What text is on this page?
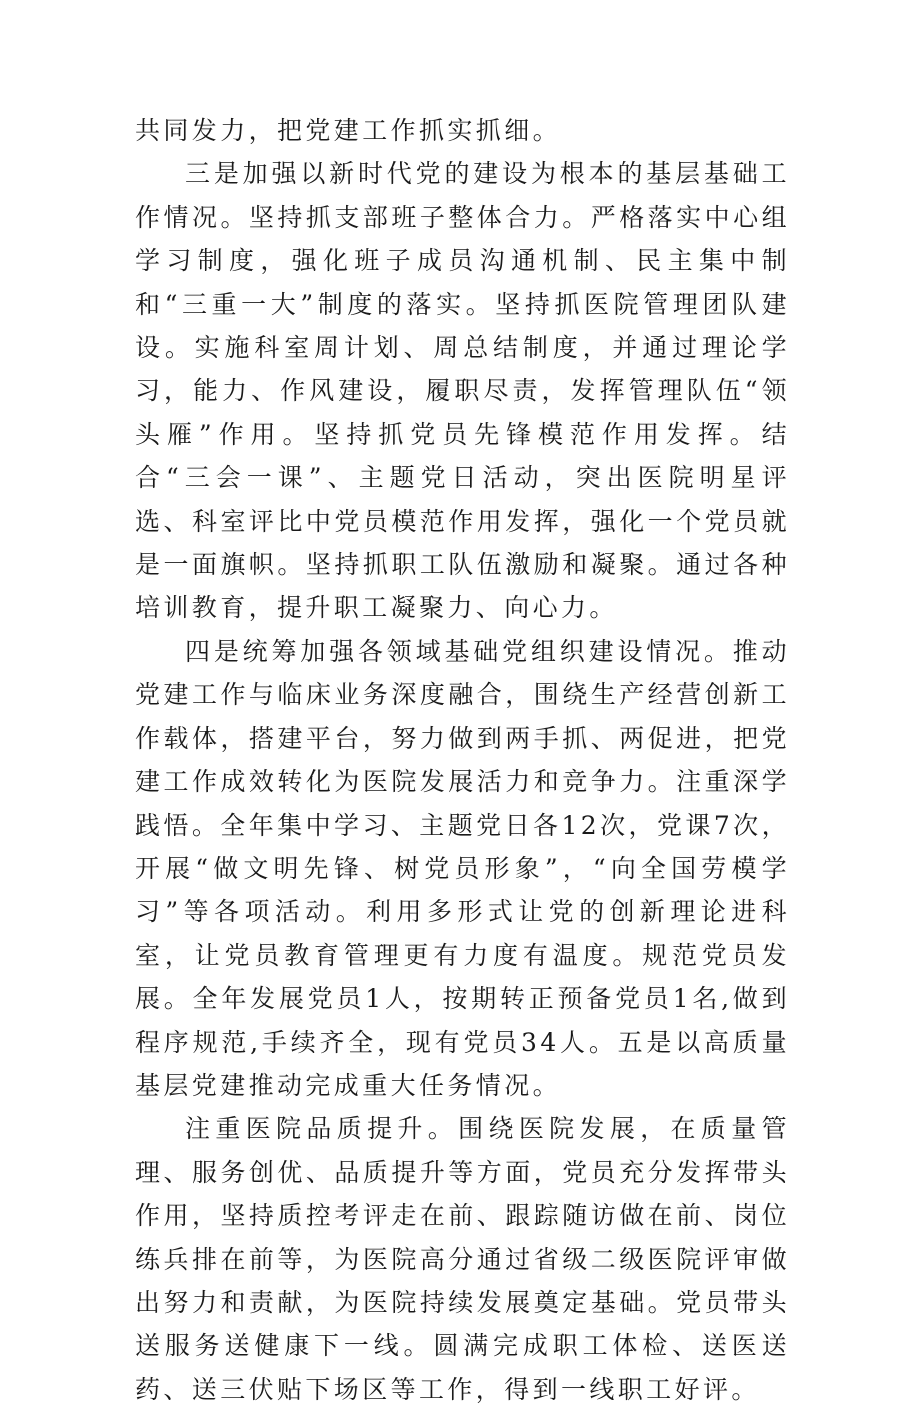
共同发力，把党建工作抓实抓细。

三是加强以新时代党的建设为根本的基层基础工作情况。坚持抓支部班子整体合力。严格落实中心组学习制度，强化班子成员沟通机制、民主集中制和“三重一大”制度的落实。坚持抓医院管理团队建设。实施科室周计划、周总结制度，并通过理论学习，能力、作风建设，履职尽责，发挥管理队伍“领头雁”作用。坚持抓党员先锋模范作用发挥。结合“三会一课”、主题党日活动，突出医院明星评选、科室评比中党员模范作用发挥，强化一个党员就是一面旗帜。坚持抓职工队伍激励和凝聚。通过各种培训教育，提升职工凝聚力、向心力。

四是统筹加强各领域基础党组织建设情况。推动党建工作与临床业务深度融合，围绕生产经营创新工作载体，搭建平台，努力做到两手抓、两促进，把党建工作成效转化为医院发展活力和竞争力。注重深学践悟。全年集中学习、主题党日各12次，党课7次，开展“做文明先锋、树党员形象”，“向全国劳模学习”等各项活动。利用多形式让党的创新理论进科室，让党员教育管理更有力度有温度。规范党员发展。全年发展党员1人，按期转正预备党员1名,做到程序规范,手续齐全，现有党员34人。五是以高质量基层党建推动完成重大任务情况。

注重医院品质提升。围绕医院发展，在质量管理、服务创优、品质提升等方面，党员充分发挥带头作用，坚持质控考评走在前、跟踪随访做在前、岗位练兵排在前等，为医院高分通过省级二级医院评审做出努力和责献，为医院持续发展奠定基础。党员带头送服务送健康下一线。圆满完成职工体检、送医送药、送三伏贴下场区等工作，得到一线职工好评。
